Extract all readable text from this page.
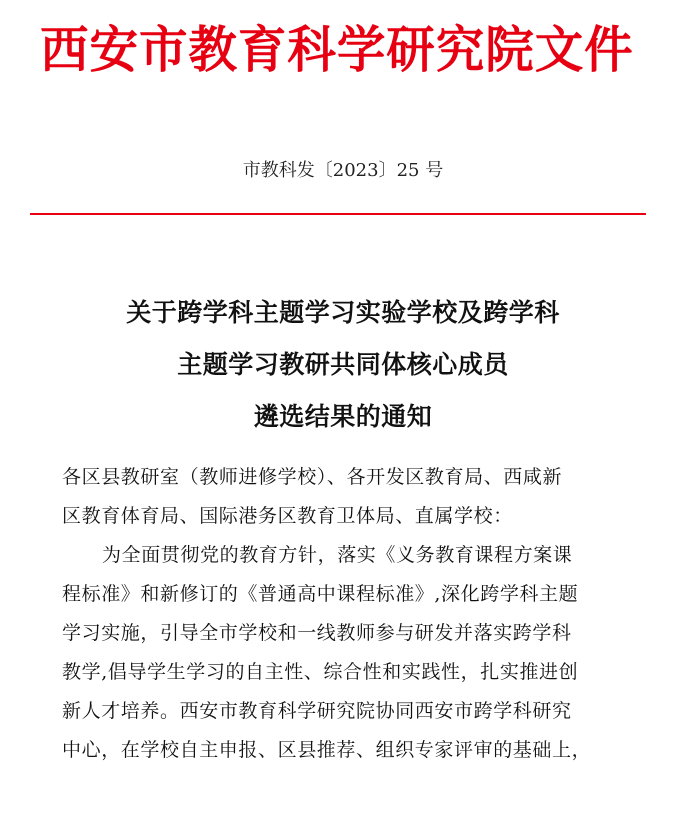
西安市教育科学研究院文件
市教科发〔2023〕25 号
关于跨学科主题学习实验学校及跨学科
主题学习教研共同体核心成员
遴选结果的通知
各区县教研室（教师进修学校）、各开发区教育局、西咸新
区教育体育局、国际港务区教育卫体局、直属学校：
为全面贯彻党的教育方针，落实《义务教育课程方案课
程标准》和新修订的《普通高中课程标准》,深化跨学科主题
学习实施，引导全市学校和一线教师参与研发并落实跨学科
教学,倡导学生学习的自主性、综合性和实践性，扎实推进创
新人才培养。西安市教育科学研究院协同西安市跨学科研究
中心，在学校自主申报、区县推荐、组织专家评审的基础上，
